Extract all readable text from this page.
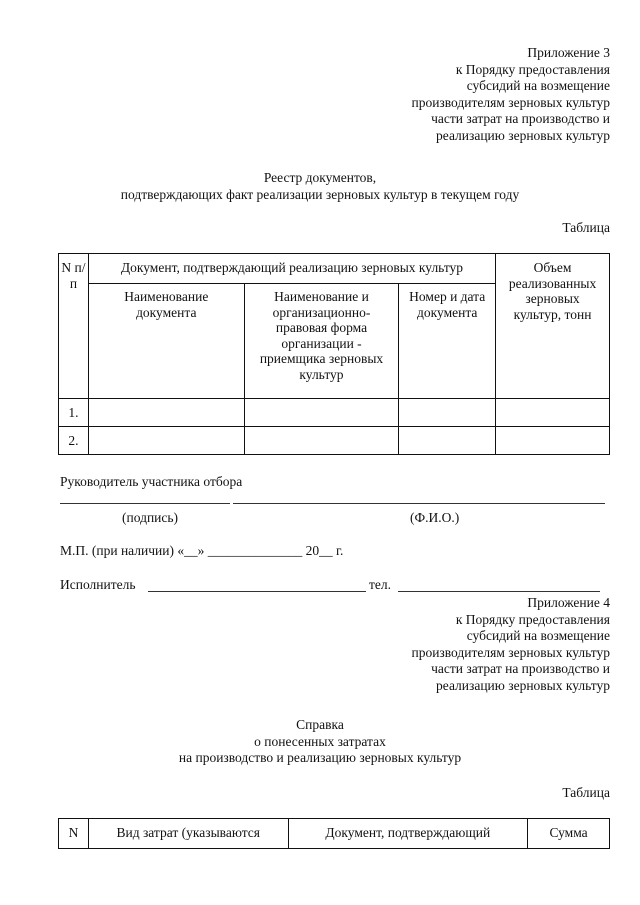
Приложение 3
к Порядку предоставления
субсидий на возмещение
производителям зерновых культур
части затрат на производство и
реализацию зерновых культур
Реестр документов,
подтверждающих факт реализации зерновых культур в текущем году
Таблица
N п/п	Документ, подтверждающий реализацию зерновых культур			Объем реализованных зерновых культур, тонн
	Наименование документа	Наименование и организационно-правовая форма организации - приемщика зерновых культур	Номер и дата документа	
1.				
2.				
Руководитель участника отбора
(подпись)	(Ф.И.О.)
М.П. (при наличии) «__» ______________ 20__ г.
Исполнитель	тел.
Приложение 4
к Порядку предоставления
субсидий на возмещение
производителям зерновых культур
части затрат на производство и
реализацию зерновых культур
Справка
о понесенных затратах
на производство и реализацию зерновых культур
Таблица
N	Вид затрат (указываются	Документ, подтверждающий	Сумма
